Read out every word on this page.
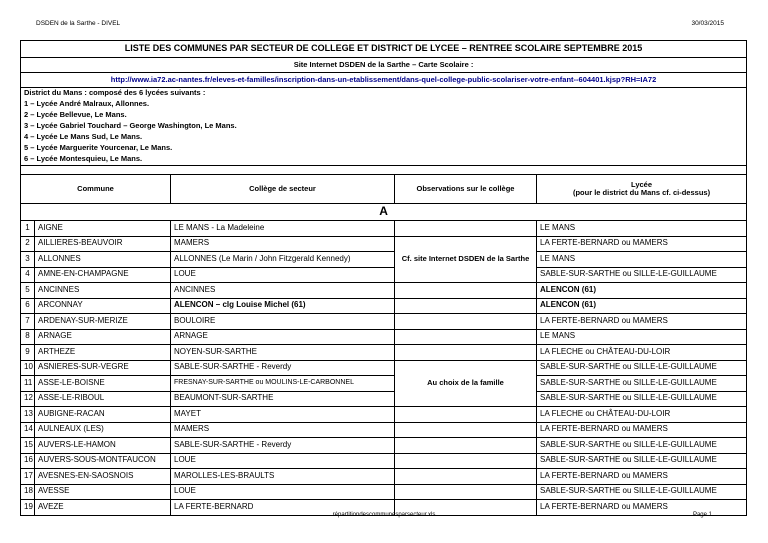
DSDEN de la Sarthe - DIVEL	30/03/2015
LISTE DES COMMUNES PAR SECTEUR DE COLLEGE ET DISTRICT DE LYCEE – RENTREE SCOLAIRE SEPTEMBRE 2015				
Site Internet DSDEN de la Sarthe – Carte Scolaire :				
http://www.ia72.ac-nantes.fr/eleves-et-familles/inscription-dans-un-etablissement/dans-quel-college-public-scolariser-votre-enfant--604401.kjsp?RH=IA72				
District du Mans : composé des 6 lycées suivants :				
1 – Lycée André Malraux, Allonnes.				
2 – Lycée Bellevue, Le Mans.				
3 – Lycée Gabriel Touchard – George Washington, Le Mans.				
4 – Lycée Le Mans Sud, Le Mans.				
5 – Lycée Marguerite Yourcenar, Le Mans.				
6 – Lycée Montesquieu, Le Mans.				

Commune		Collège de secteur	Observations sur le collège	Lycée
(pour le district du Mans cf. ci-dessus)
A				
1	AIGNE	LE MANS - La Madeleine		LE MANS
2	AILLIERES-BEAUVOIR	MAMERS	Cf. site Internet DSDEN de la Sarthe	LA FERTE-BERNARD ou MAMERS
3	ALLONNES	ALLONNES (Le Marin / John Fitzgerald Kennedy)		LE MANS
4	AMNE-EN-CHAMPAGNE	LOUE		SABLE-SUR-SARTHE ou SILLE-LE-GUILLAUME
5	ANCINNES	ANCINNES		ALENCON (61)
6	ARCONNAY	ALENCON – clg Louise Michel (61)		ALENCON (61)
7	ARDENAY-SUR-MERIZE	BOULOIRE		LA FERTE-BERNARD ou MAMERS
8	ARNAGE	ARNAGE		LE MANS
9	ARTHEZE	NOYEN-SUR-SARTHE		LA FLECHE ou CHÂTEAU-DU-LOIR
10	ASNIERES-SUR-VEGRE	SABLE-SUR-SARTHE - Reverdy	Au choix de la famille	SABLE-SUR-SARTHE ou SILLE-LE-GUILLAUME
11	ASSE-LE-BOISNE	FRESNAY-SUR-SARTHE ou MOULINS-LE-CARBONNEL		SABLE-SUR-SARTHE ou SILLE-LE-GUILLAUME
12	ASSE-LE-RIBOUL	BEAUMONT-SUR-SARTHE		SABLE-SUR-SARTHE ou SILLE-LE-GUILLAUME
13	AUBIGNE-RACAN	MAYET		LA FLECHE ou CHÂTEAU-DU-LOIR
14	AULNEAUX (LES)	MAMERS		LA FERTE-BERNARD ou MAMERS
15	AUVERS-LE-HAMON	SABLE-SUR-SARTHE - Reverdy		SABLE-SUR-SARTHE ou SILLE-LE-GUILLAUME
16	AUVERS-SOUS-MONTFAUCON	LOUE		SABLE-SUR-SARTHE ou SILLE-LE-GUILLAUME
17	AVESNES-EN-SAOSNOIS	MAROLLES-LES-BRAULTS		LA FERTE-BERNARD ou MAMERS
18	AVESSE	LOUE		SABLE-SUR-SARTHE ou SILLE-LE-GUILLAUME
19	AVEZE	LA FERTE-BERNARD		LA FERTE-BERNARD ou MAMERS
répartitiondescommunesparsecteur.xls	Page 1
